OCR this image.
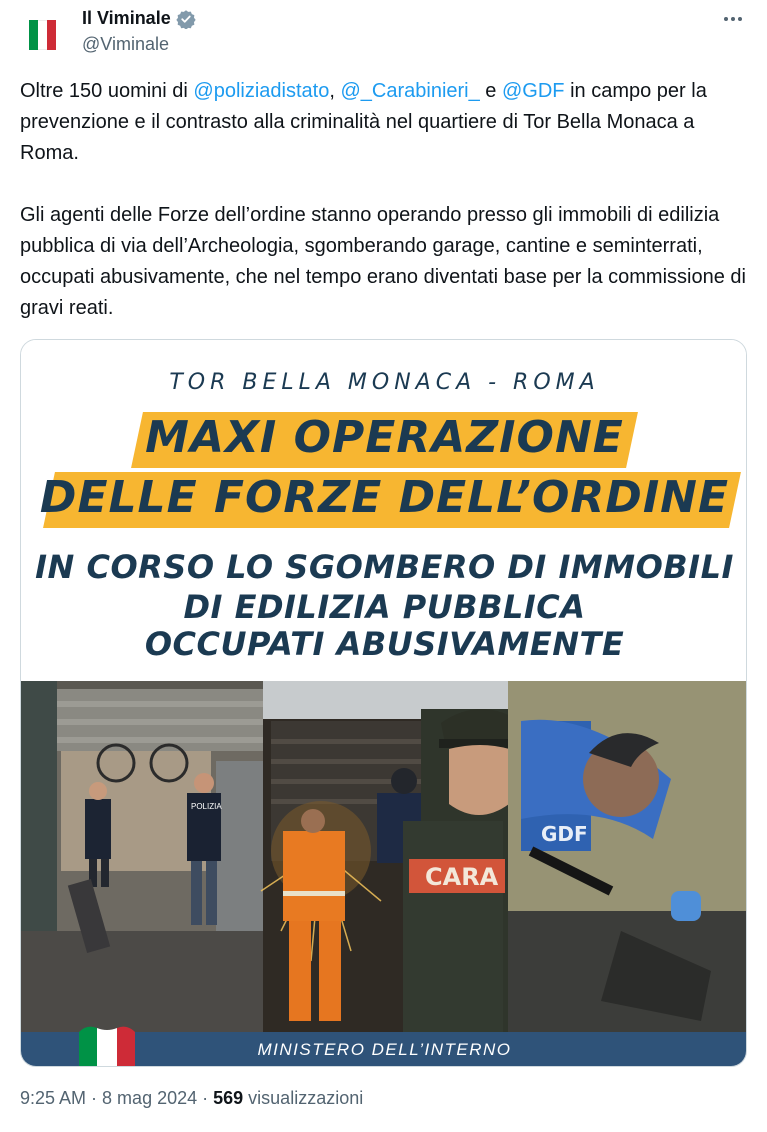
Il Viminale
@Viminale

Oltre 150 uomini di @poliziadistato, @_Carabinieri_ e @GDF in campo per la prevenzione e il contrasto alla criminalità nel quartiere di Tor Bella Monaca a Roma.

Gli agenti delle Forze dell’ordine stanno operando presso gli immobili di edilizia pubblica di via dell’Archeologia, sgomberando garage, cantine e seminterrati, occupati abusivamente, che nel tempo erano diventati base per la commissione di gravi reati.

TOR BELLA MONACA - ROMA
MAXI OPERAZIONE
DELLE FORZE DELL’ORDINE
IN CORSO LO SGOMBERO DI IMMOBILI
DI EDILIZIA PUBBLICA
OCCUPATI ABUSIVAMENTE
POLIZIA
CARA
GDF
MINISTERO DELL’INTERNO
9:25 AM · 8 mag 2024 · 569 visualizzazioni
